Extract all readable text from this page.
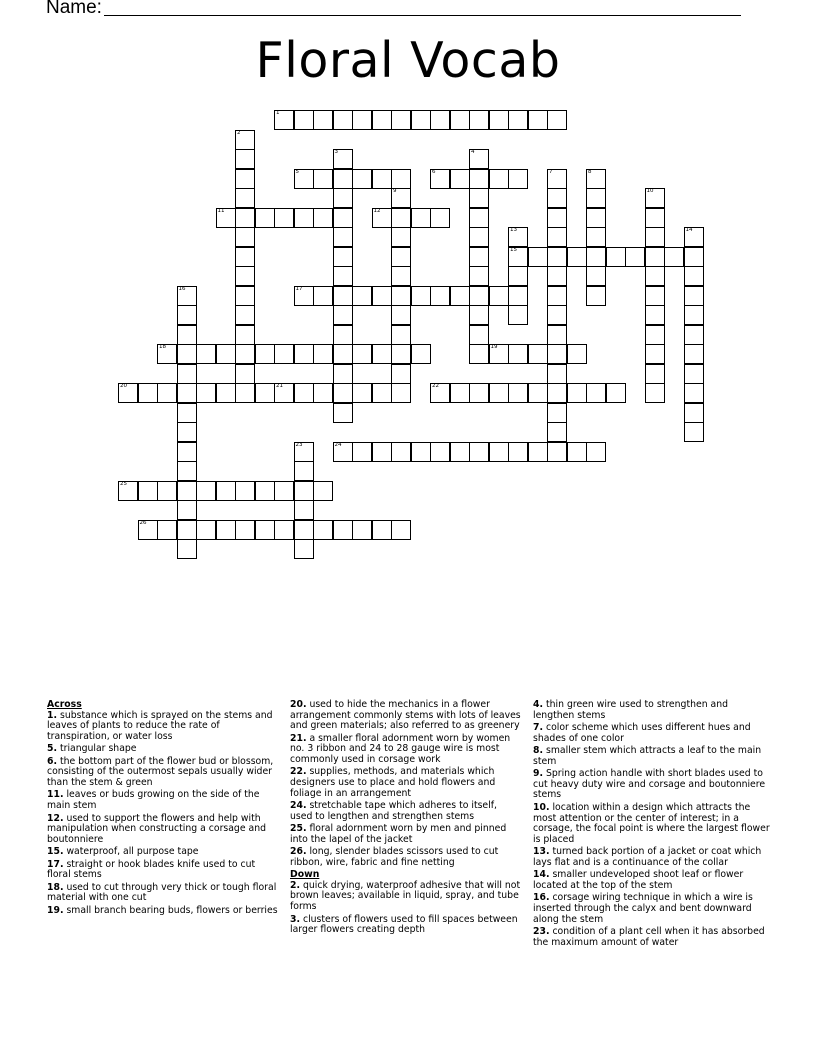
Name:
Floral Vocab
1
5	6
11	12
15
17
18	19
20	21	22
24
25
26
2
3	4
7	8
9	10
13	14
16
23
Across
1. substance which is sprayed on the stems and leaves of plants to reduce the rate of transpiration, or water loss
5. triangular shape
6. the bottom part of the flower bud or blossom, consisting of the outermost sepals usually wider than the stem & green
11. leaves or buds growing on the side of the main stem
12. used to support the flowers and help with manipulation when constructing a corsage and boutonniere
15. waterproof, all purpose tape
17. straight or hook blades knife used to cut floral stems
18. used to cut through very thick or tough floral material with one cut
19. small branch bearing buds, flowers or berries
20. used to hide the mechanics in a flower arrangement commonly stems with lots of leaves and green materials; also referred to as greenery
21. a smaller floral adornment worn by women no. 3 ribbon and 24 to 28 gauge wire is most commonly used in corsage work
22. supplies, methods, and materials which designers use to place and hold flowers and foliage in an arrangement
24. stretchable tape which adheres to itself, used to lengthen and strengthen stems
25. floral adornment worn by men and pinned into the lapel of the jacket
26. long, slender blades scissors used to cut ribbon, wire, fabric and fine netting
Down
2. quick drying, waterproof adhesive that will not brown leaves; available in liquid, spray, and tube forms
3. clusters of flowers used to fill spaces between larger flowers creating depth
4. thin green wire used to strengthen and lengthen stems
7. color scheme which uses different hues and shades of one color
8. smaller stem which attracts a leaf to the main stem
9. Spring action handle with short blades used to cut heavy duty wire and corsage and boutonniere stems
10. location within a design which attracts the most attention or the center of interest; in a corsage, the focal point is where the largest flower is placed
13. turned back portion of a jacket or coat which lays flat and is a continuance of the collar
14. smaller undeveloped shoot leaf or flower located at the top of the stem
16. corsage wiring technique in which a wire is inserted through the calyx and bent downward along the stem
23. condition of a plant cell when it has absorbed the maximum amount of water
